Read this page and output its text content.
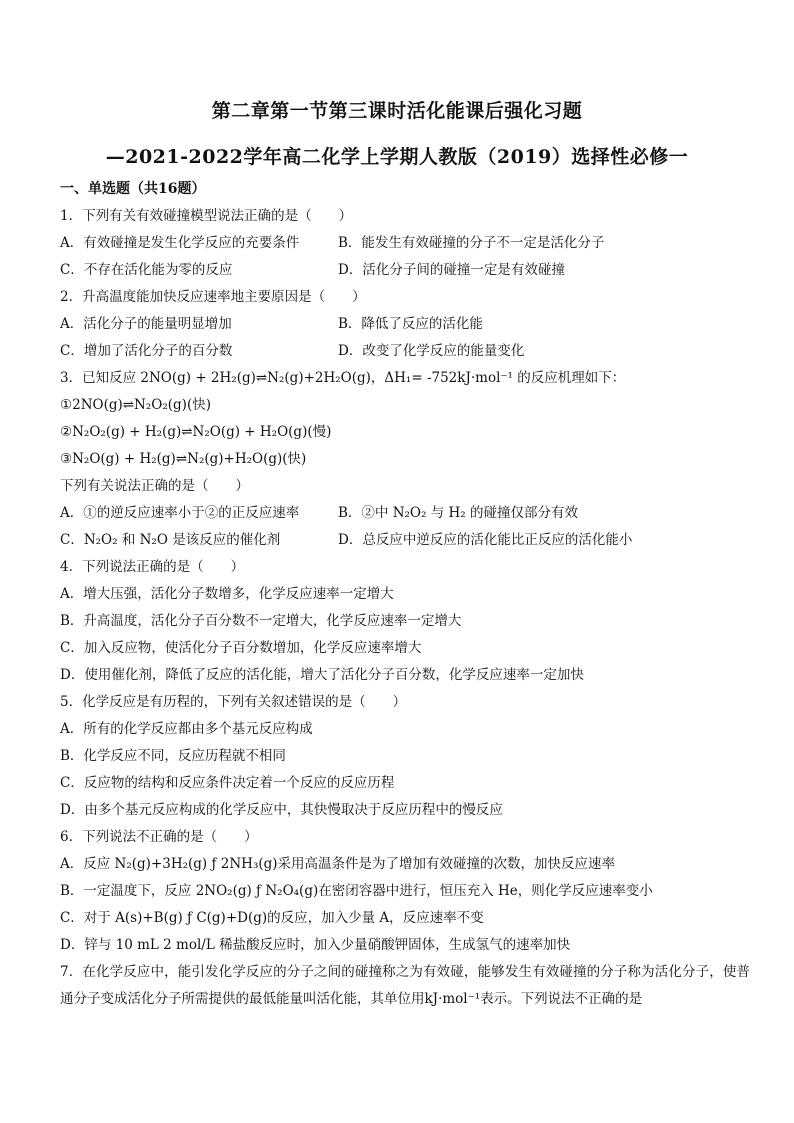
第二章第一节第三课时活化能课后强化习题
—2021-2022学年高二化学上学期人教版（2019）选择性必修一
一、单选题（共16题）
1．下列有关有效碰撞模型说法正确的是（　　）
A．有效碰撞是发生化学反应的充要条件	B．能发生有效碰撞的分子不一定是活化分子
C．不存在活化能为零的反应	D．活化分子间的碰撞一定是有效碰撞
2．升高温度能加快反应速率地主要原因是（　　）
A．活化分子的能量明显增加	B．降低了反应的活化能
C．增加了活化分子的百分数	D．改变了化学反应的能量变化
3．已知反应 2NO(g) + 2H₂(g)⇌N₂(g)+2H₂O(g)，ΔH₁= -752kJ·mol⁻¹ 的反应机理如下：
①2NO(g)⇌N₂O₂(g)(快)
②N₂O₂(g) + H₂(g)⇌N₂O(g) + H₂O(g)(慢)
③N₂O(g) + H₂(g)⇌N₂(g)+H₂O(g)(快)
下列有关说法正确的是（　　）
A．①的逆反应速率小于②的正反应速率	B．②中 N₂O₂ 与 H₂ 的碰撞仅部分有效
C．N₂O₂ 和 N₂O 是该反应的催化剂	D．总反应中逆反应的活化能比正反应的活化能小
4．下列说法正确的是（　　）
A．增大压强，活化分子数增多，化学反应速率一定增大
B．升高温度，活化分子百分数不一定增大，化学反应速率一定增大
C．加入反应物，使活化分子百分数增加，化学反应速率增大
D．使用催化剂，降低了反应的活化能，增大了活化分子百分数，化学反应速率一定加快
5．化学反应是有历程的，下列有关叙述错误的是（　　）
A．所有的化学反应都由多个基元反应构成
B．化学反应不同，反应历程就不相同
C．反应物的结构和反应条件决定着一个反应的反应历程
D．由多个基元反应构成的化学反应中，其快慢取决于反应历程中的慢反应
6．下列说法不正确的是（　　）
A．反应 N₂(g)+3H₂(g) ƒ 2NH₃(g)采用高温条件是为了增加有效碰撞的次数，加快反应速率
B．一定温度下，反应 2NO₂(g) ƒ N₂O₄(g)在密闭容器中进行，恒压充入 He，则化学反应速率变小
C．对于 A(s)+B(g) ƒ C(g)+D(g)的反应，加入少量 A，反应速率不变
D．锌与 10 mL 2 mol/L 稀盐酸反应时，加入少量硝酸钾固体，生成氢气的速率加快
7．在化学反应中，能引发化学反应的分子之间的碰撞称之为有效碰，能够发生有效碰撞的分子称为活化分子，使普通分子变成活化分子所需提供的最低能量叫活化能，其单位用kJ·mol⁻¹表示。下列说法不正确的是
